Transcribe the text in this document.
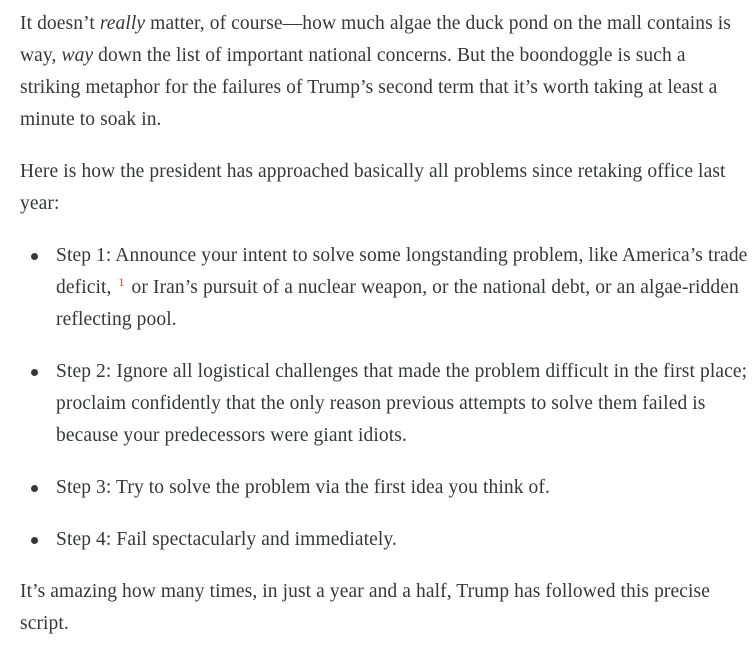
It doesn’t really matter, of course—how much algae the duck pond on the mall contains is way, way down the list of important national concerns. But the boondoggle is such a striking metaphor for the failures of Trump’s second term that it’s worth taking at least a minute to soak in.

Here is how the president has approached basically all problems since retaking office last year:

Step 1: Announce your intent to solve some longstanding problem, like America’s trade deficit, $^1$ or Iran’s pursuit of a nuclear weapon, or the national debt, or an algae-ridden reflecting pool.
Step 2: Ignore all logistical challenges that made the problem difficult in the first place; proclaim confidently that the only reason previous attempts to solve them failed is because your predecessors were giant idiots.
Step 3: Try to solve the problem via the first idea you think of.
Step 4: Fail spectacularly and immediately.

It’s amazing how many times, in just a year and a half, Trump has followed this precise script.
